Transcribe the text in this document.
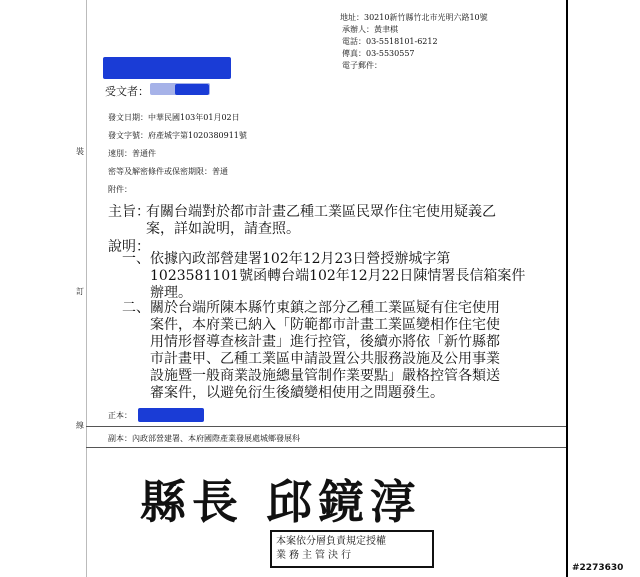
地址：30210新竹縣竹北市光明六路10號
承辦人：黃聿棋
電話：03-5518101-6212
傳真：03-5530557
電子郵件：
受文者：
發文日期：中華民國103年01月02日
發文字號：府產城字第1020380911號
速別：普通件
密等及解密條件或保密期限：普通
附件：
裝
訂
線
主旨：
有關台端對於都市計畫乙種工業區民眾作住宅使用疑義乙
案，詳如說明，請查照。
說明：
一、 依據內政部營建署102年12月23日營授辦城字第
1023581101號函轉台端102年12月22日陳情署長信箱案件
辦理。
二、 關於台端所陳本縣竹東鎮之部分乙種工業區疑有住宅使用
案件，本府業已納入「防範都市計畫工業區變相作住宅使
用情形督導查核計畫」進行控管，後續亦將依「新竹縣都
市計畫甲、乙種工業區申請設置公共服務設施及公用事業
設施暨一般商業設施總量管制作業要點」嚴格控管各類送
審案件，以避免衍生後續變相使用之問題發生。
正本：
副本：內政部營建署、本府國際產業發展處城鄉發展科
縣長 邱鏡淳
本案依分層負責規定授權
業務主管決行
#2273630
